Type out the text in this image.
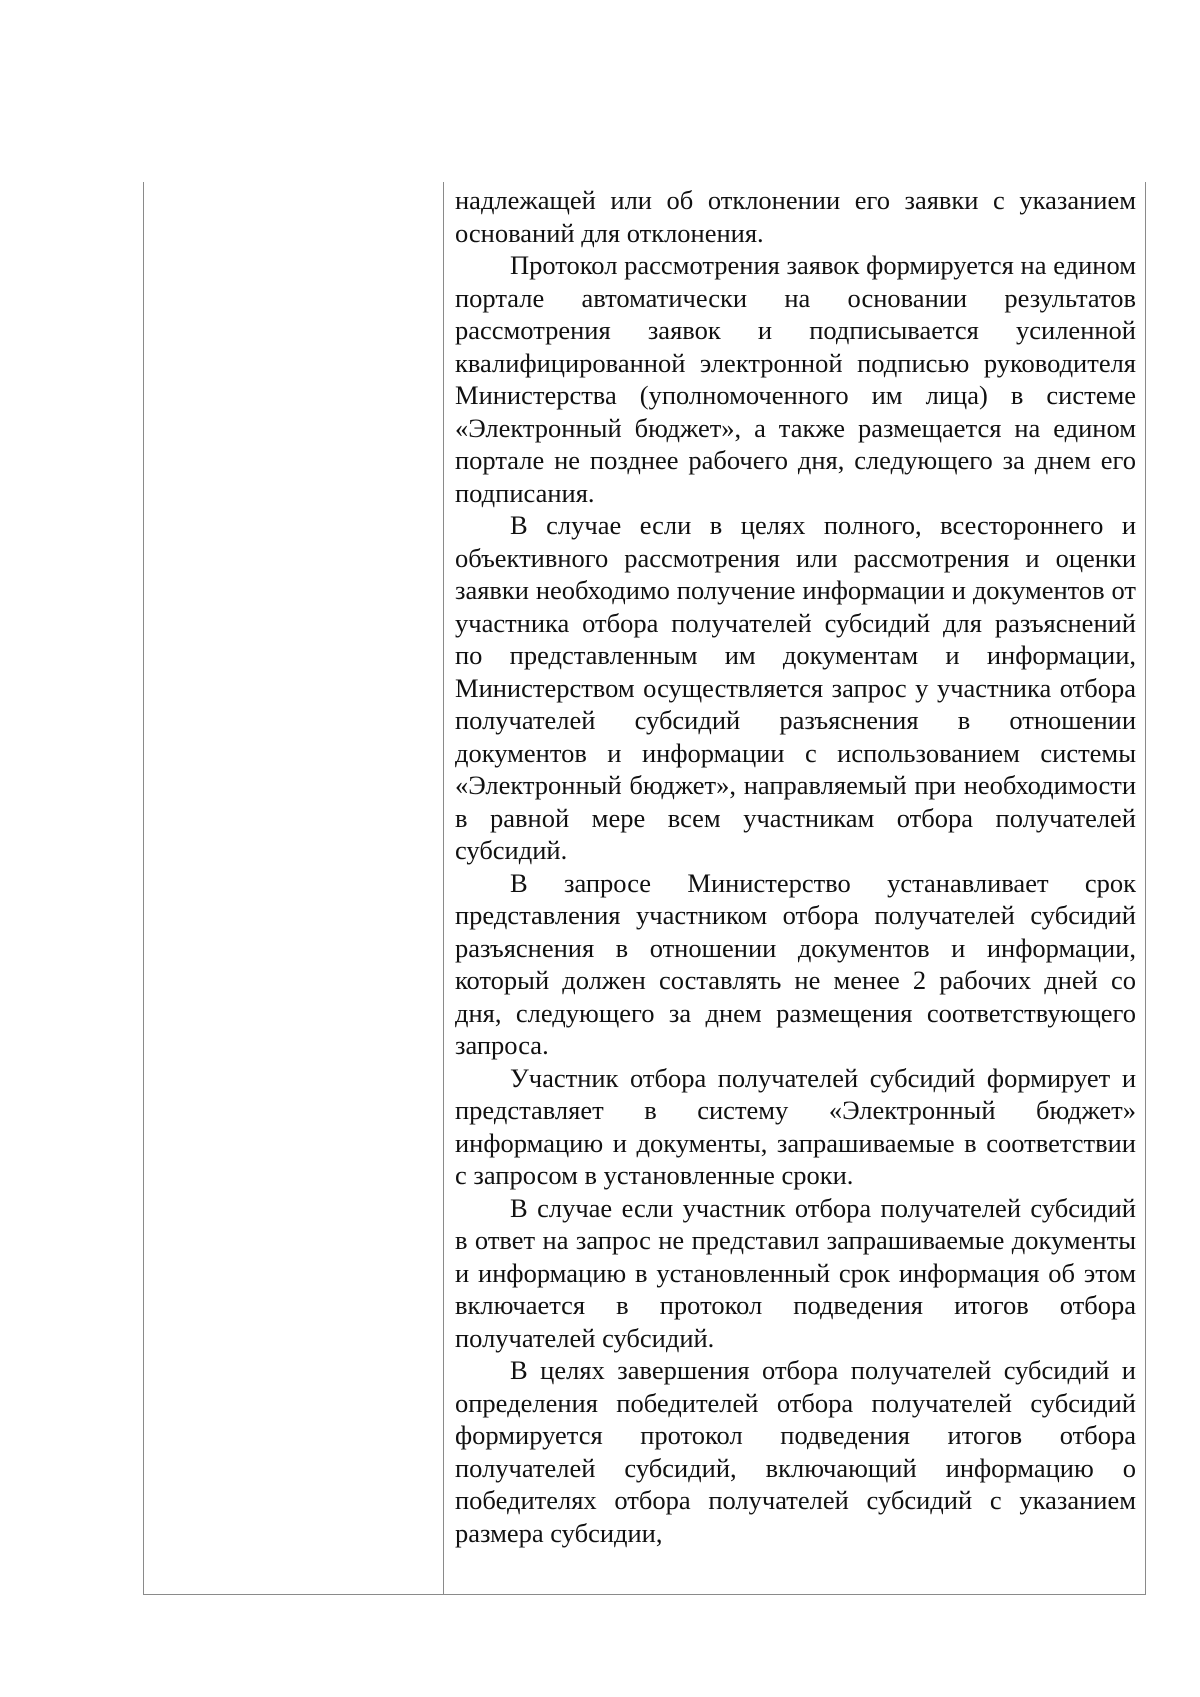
надлежащей или об отклонении его заявки с указанием оснований для отклонения.

Протокол рассмотрения заявок формируется на едином портале автоматически на основании результатов рассмотрения заявок и подписывается усиленной квалифицированной электронной подписью руководителя Министерства (уполномоченного им лица) в системе «Электронный бюджет», а также размещается на едином портале не позднее рабочего дня, следующего за днем его подписания.

В случае если в целях полного, всестороннего и объективного рассмотрения или рассмотрения и оценки заявки необходимо получение информации и документов от участника отбора получателей субсидий для разъяснений по представленным им документам и информации, Министерством осуществляется запрос у участника отбора получателей субсидий разъяснения в отношении документов и информации с использованием системы «Электронный бюджет», направляемый при необходимости в равной мере всем участникам отбора получателей субсидий.

В запросе Министерство устанавливает срок представления участником отбора получателей субсидий разъяснения в отношении документов и информации, который должен составлять не менее 2 рабочих дней со дня, следующего за днем размещения соответствующего запроса.

Участник отбора получателей субсидий формирует и представляет в систему «Электронный бюджет» информацию и документы, запрашиваемые в соответствии с запросом в установленные сроки.

В случае если участник отбора получателей субсидий в ответ на запрос не представил запрашиваемые документы и информацию в установленный срок информация об этом включается в протокол подведения итогов отбора получателей субсидий.

В целях завершения отбора получателей субсидий и определения победителей отбора получателей субсидий формируется протокол подведения итогов отбора получателей субсидий, включающий информацию о победителях отбора получателей субсидий с указанием размера субсидии,
